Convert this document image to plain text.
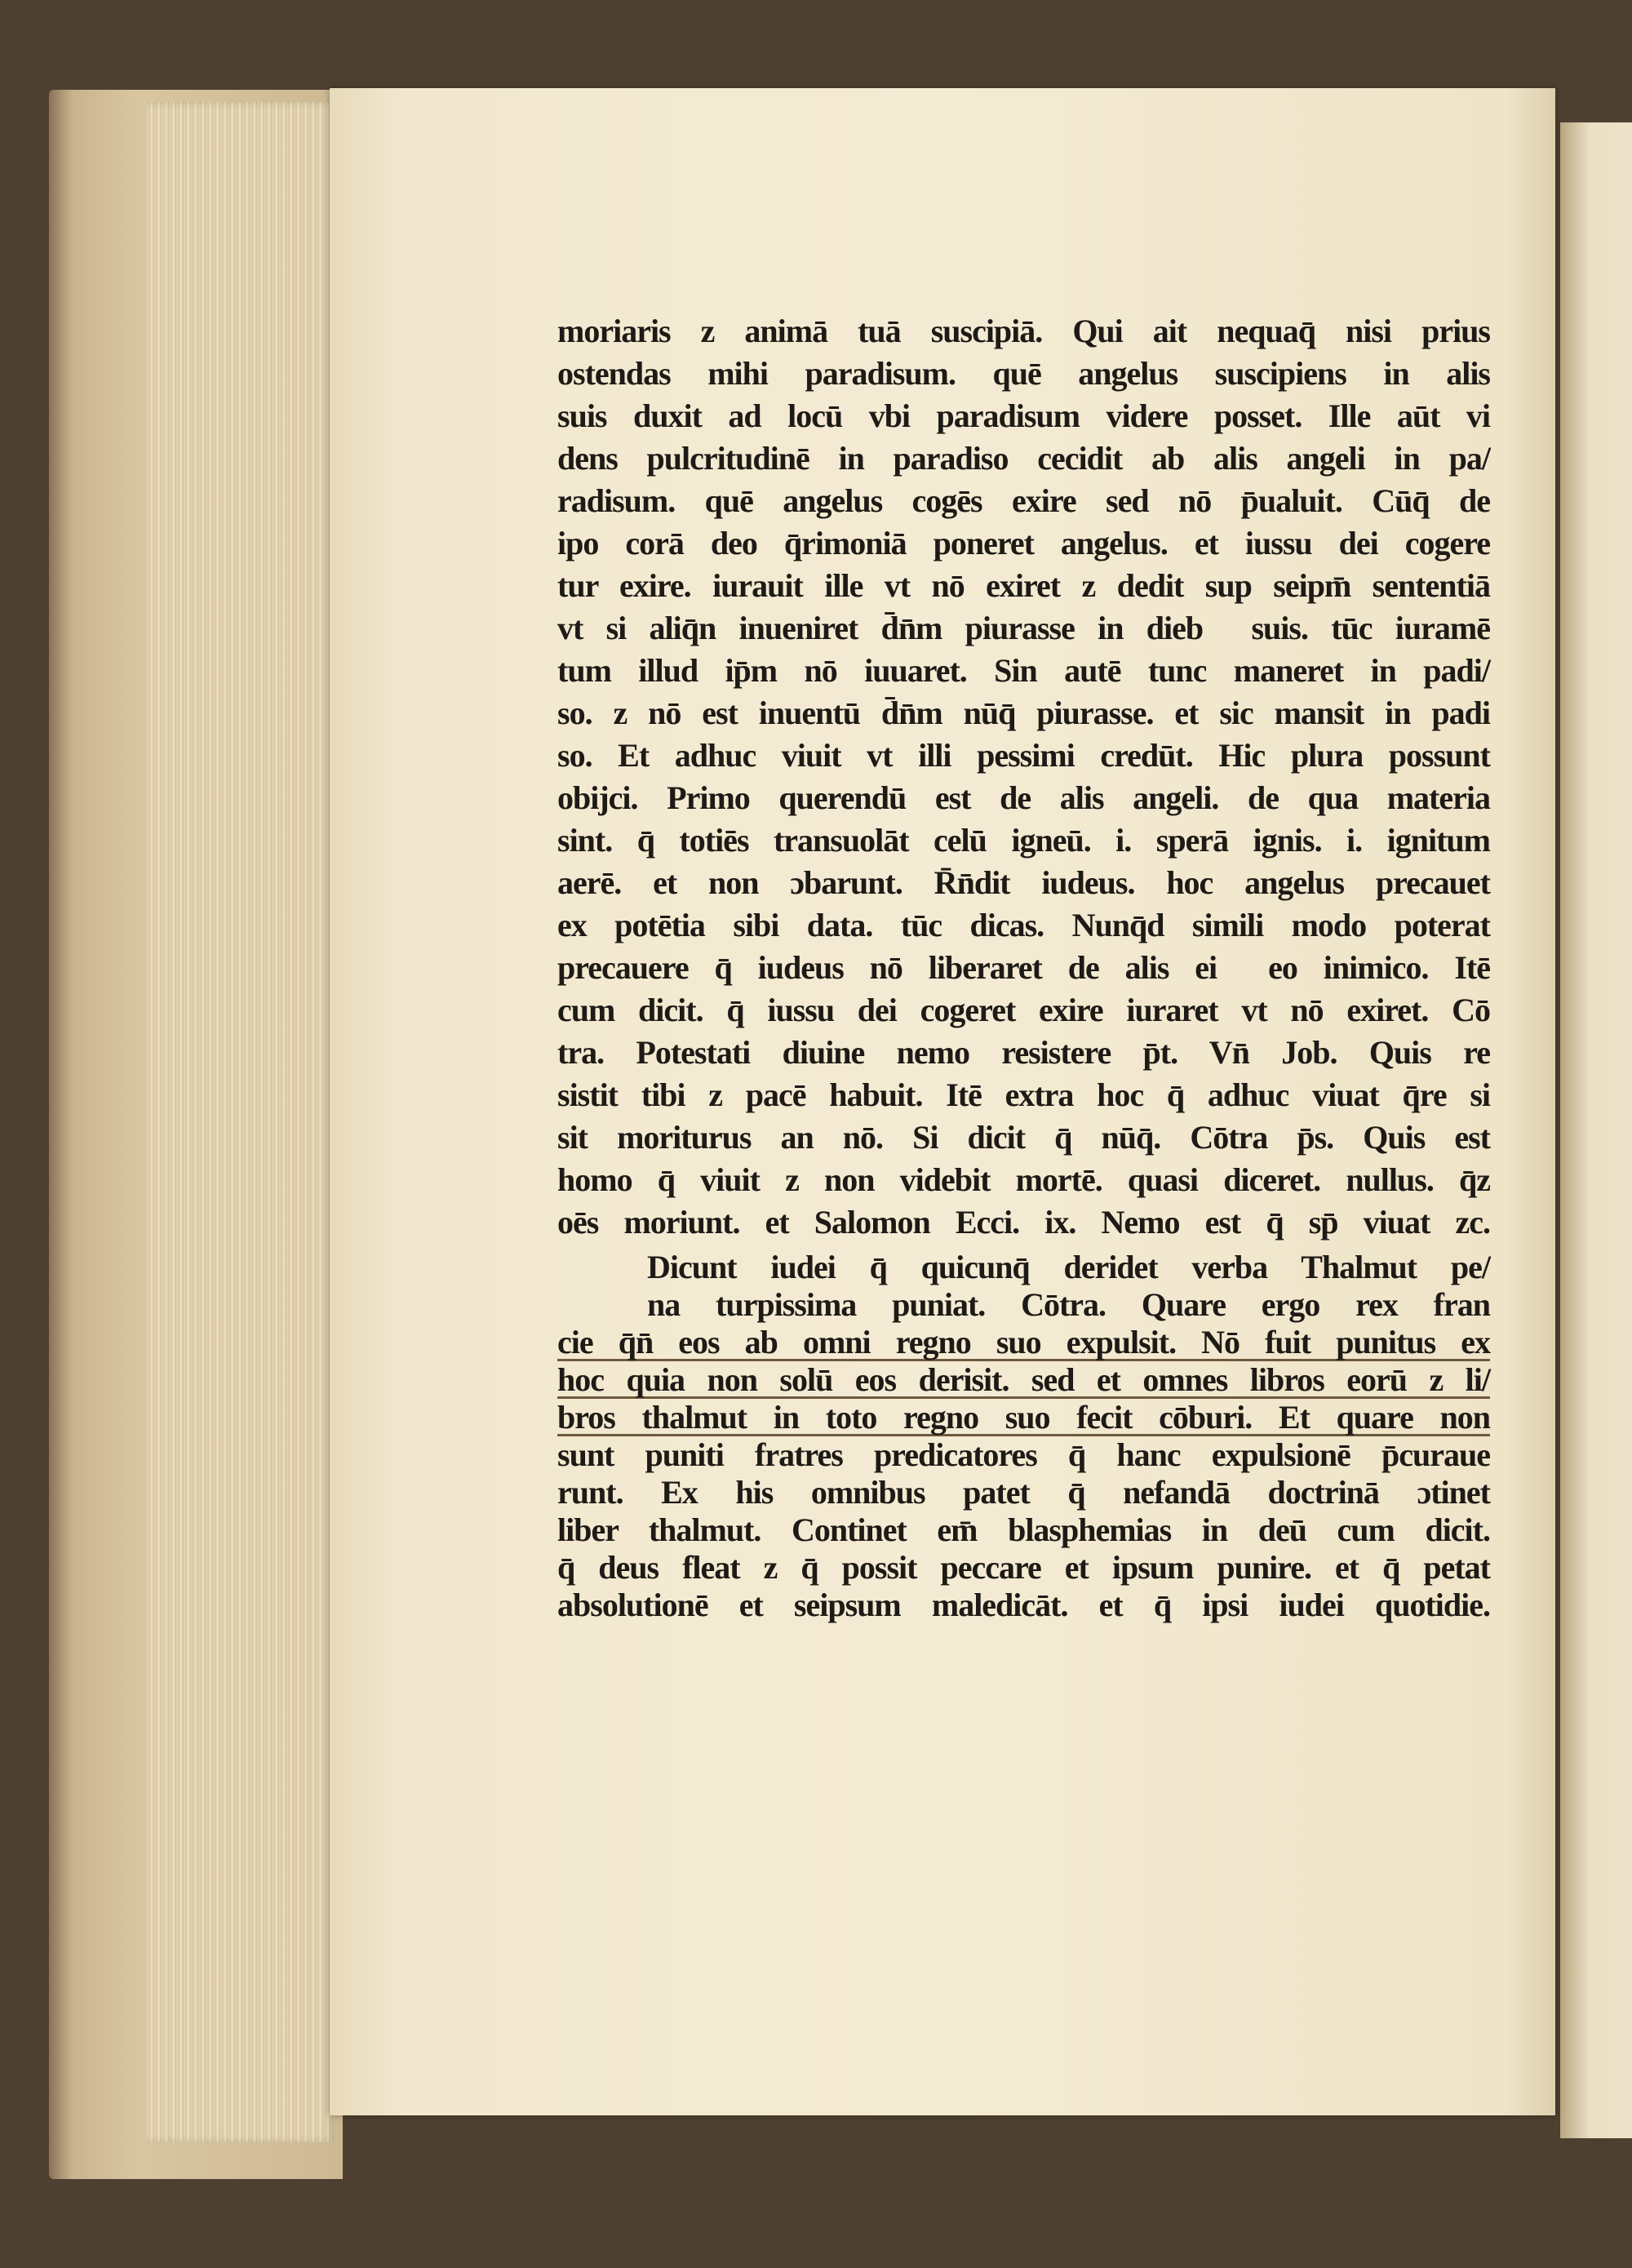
moriaris z animā tuā suscipiā. Qui ait nequaq̄ nisi prius
ostendas mihi paradisum. quē angelus suscipiens in alis
suis duxit ad locū vbi paradisum videre posset. Ille aūt vi
dens pulcritudinē in paradiso cecidit ab alis angeli in pa/
radisum. quē angelus cogēs exire sed nō p̄ualuit. Cūq̄ de
ipo corā deo q̄rimoniā poneret angelus. et iussu dei cogere
tur exire. iurauit ille vt nō exiret z dedit sup seipm̄ sententiā
vt si aliq̄n inueniret d̄n̄m piurasse in dieb᷒ suis. tūc iuramē
tum illud ip̄m nō iuuaret. Sin autē tunc maneret in padi/
so. z nō est inuentū d̄n̄m nūq̄ piurasse. et sic mansit in padi
so. Et adhuc viuit vt illi pessimi credūt. Hic plura possunt
obijci. Primo querendū est de alis angeli. de qua materia
sint. q̄ totiēs transuolāt celū igneū. i. sperā ignis. i. ignitum
aerē. et non ɔbarunt. R̄n̄dit iudeus. hoc angelus precauet
ex potētia sibi data. tūc dicas. Nunq̄d simili modo poterat
precauere q̄ iudeus nō liberaret de alis ei᷒ eo inimico. Itē
cum dicit. q̄ iussu dei cogeret exire iuraret vt nō exiret. Cō
tra. Potestati diuine nemo resistere p̄t. Vn̄ Job. Quis re
sistit tibi z pacē habuit. Itē extra hoc q̄ adhuc viuat q̄re si
sit moriturus an nō. Si dicit q̄ nūq̄. Cōtra p̄s. Quis est
homo q̄ viuit z non videbit mortē. quasi diceret. nullus. q̄z
oēs moriunt. et Salomon Ecci. ix. Nemo est q̄ sp̄ viuat zc.
Dicunt iudei q̄ quicunq̄ deridet verba Thalmut pe/
na turpissima puniat. Cōtra. Quare ergo rex fran
cie q̄n̄ eos ab omni regno suo expulsit. Nō fuit punitus ex
hoc quia non solū eos derisit. sed et omnes libros eorū z li/
bros thalmut in toto regno suo fecit cōburi. Et quare non
sunt puniti fratres predicatores q̄ hanc expulsionē p̄curaue
runt. Ex his omnibus patet q̄ nefandā doctrinā ɔtinet
liber thalmut. Continet em̄ blasphemias in deū cum dicit.
q̄ deus fleat z q̄ possit peccare et ipsum punire. et q̄ petat
absolutionē et seipsum maledicāt. et q̄ ipsi iudei quotidie.
